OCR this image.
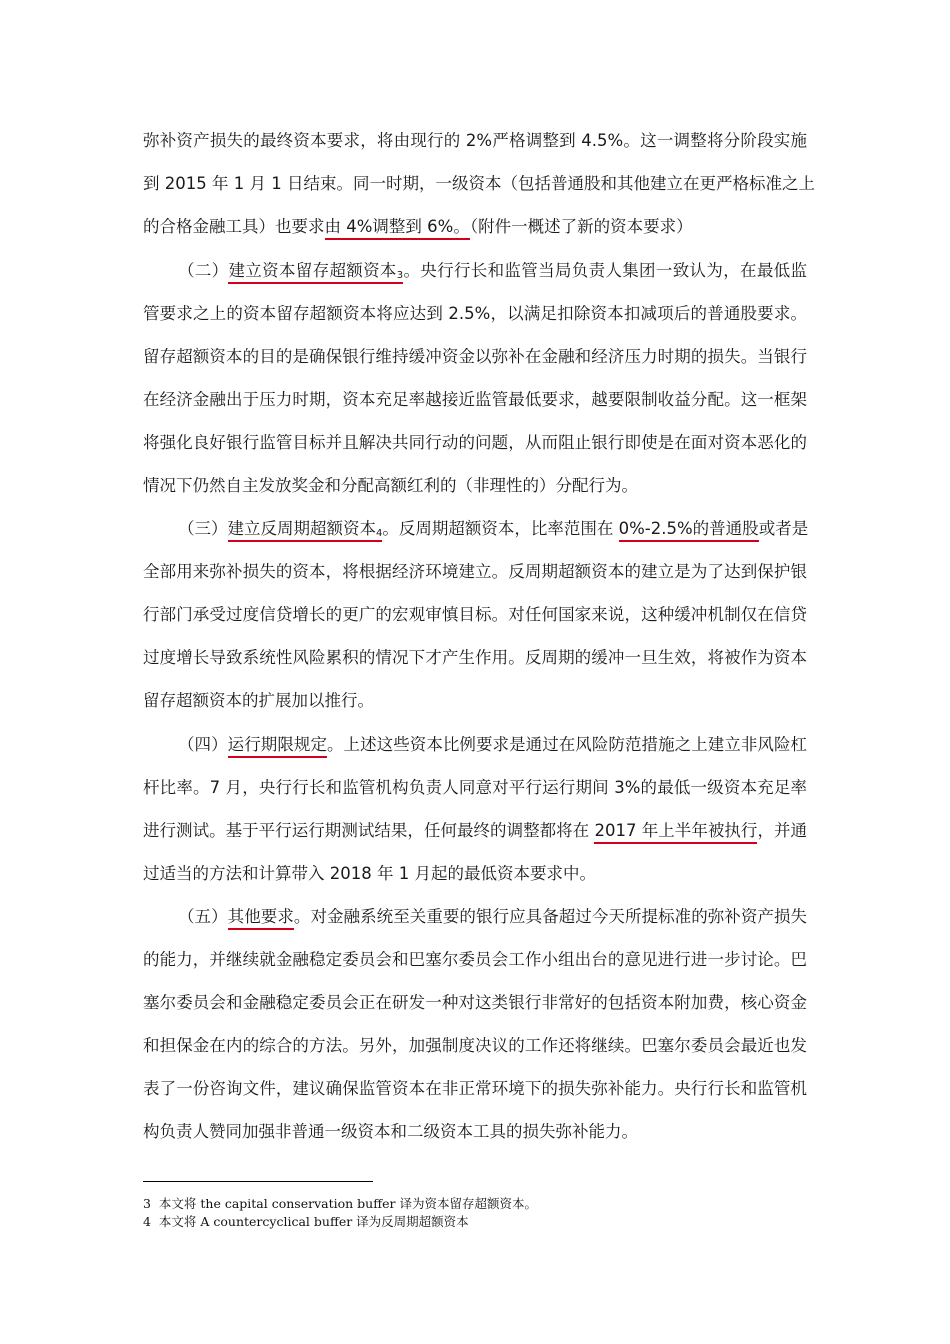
弥补资产损失的最终资本要求，将由现行的 2%严格调整到 4.5%。这一调整将分阶段实施
到 2015 年 1 月 1 日结束。同一时期，一级资本（包括普通股和其他建立在更严格标准之上
的合格金融工具）也要求由 4%调整到 6%。（附件一概述了新的资本要求）
（二）建立资本留存超额资本$_3$。央行行长和监管当局负责人集团一致认为，在最低监
管要求之上的资本留存超额资本将应达到 2.5%，以满足扣除资本扣减项后的普通股要求。
留存超额资本的目的是确保银行维持缓冲资金以弥补在金融和经济压力时期的损失。当银行
在经济金融出于压力时期，资本充足率越接近监管最低要求，越要限制收益分配。这一框架
将强化良好银行监管目标并且解决共同行动的问题，从而阻止银行即使是在面对资本恶化的
情况下仍然自主发放奖金和分配高额红利的（非理性的）分配行为。
（三）建立反周期超额资本$_4$。反周期超额资本，比率范围在 0%-2.5%的普通股或者是
全部用来弥补损失的资本，将根据经济环境建立。反周期超额资本的建立是为了达到保护银
行部门承受过度信贷增长的更广的宏观审慎目标。对任何国家来说，这种缓冲机制仅在信贷
过度增长导致系统性风险累积的情况下才产生作用。反周期的缓冲一旦生效，将被作为资本
留存超额资本的扩展加以推行。
（四）运行期限规定。上述这些资本比例要求是通过在风险防范措施之上建立非风险杠
杆比率。7 月，央行行长和监管机构负责人同意对平行运行期间 3%的最低一级资本充足率
进行测试。基于平行运行期测试结果，任何最终的调整都将在 2017 年上半年被执行，并通
过适当的方法和计算带入 2018 年 1 月起的最低资本要求中。
（五）其他要求。对金融系统至关重要的银行应具备超过今天所提标准的弥补资产损失
的能力，并继续就金融稳定委员会和巴塞尔委员会工作小组出台的意见进行进一步讨论。巴
塞尔委员会和金融稳定委员会正在研发一种对这类银行非常好的包括资本附加费，核心资金
和担保金在内的综合的方法。另外，加强制度决议的工作还将继续。巴塞尔委员会最近也发
表了一份咨询文件，建议确保监管资本在非正常环境下的损失弥补能力。央行行长和监管机
构负责人赞同加强非普通一级资本和二级资本工具的损失弥补能力。
3 本文将 the capital conservation buffer 译为资本留存超额资本。
4 本文将 A countercyclical buffer 译为反周期超额资本
